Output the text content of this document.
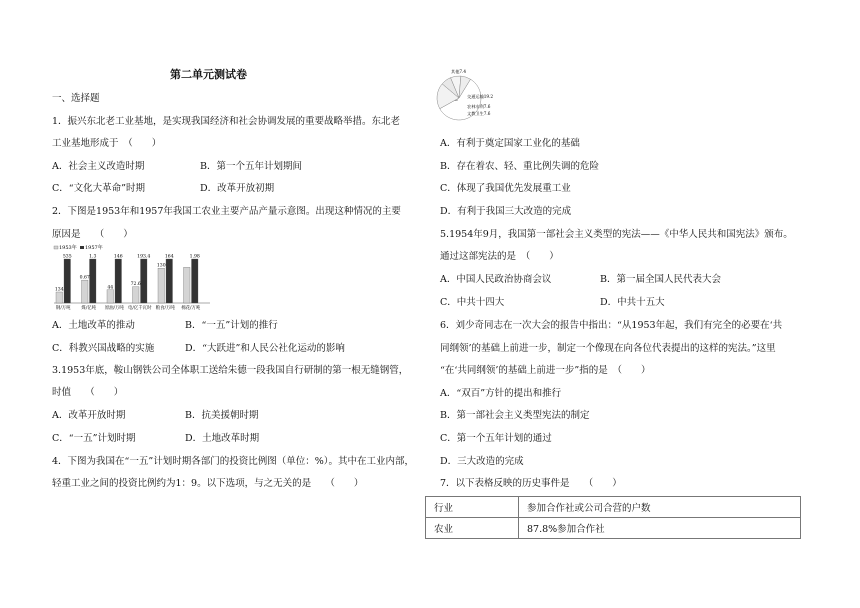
第二单元测试卷
一、选择题
1．振兴东北老工业基地，是实现我国经济和社会协调发展的重要战略举措。东北老
工业基地形成于　（　　）
A．社会主义改造时期	B．第一个五年计划期间
C．“文化大革命”时期	D．改革开放初期
2．下图是1953年和1957年我国工农业主要产品产量示意图。出现这种情况的主要
原因是　　（　　）
1953年 1957年
134
535
钢/万吨
0.67
1.3
煤/亿吨
44
146
原油/万吨
72.6
193.4
电/亿千瓦时
130
164
粮食/万吨
1.98
棉花/万吨
A．土地改革的推动	B．“一五”计划的推行
C．科教兴国战略的实施	D．“大跃进”和人民公社化运动的影响
3.1953年底，鞍山钢铁公司全体职工送给朱德一段我国自行研制的第一根无缝钢管，
时值　　（　　）
A．改革开放时期	B．抗美援朝时期
C．“一五”计划时期	D．土地改革时期
4．下图为我国在“一五”计划时期各部门的投资比例图（单位：%）。其中在工业内部，
轻重工业之间的投资比例约为1：9。以下选项，与之无关的是　　（　　）
交通运输19.2
农林水利7.6
文教卫生7.6
其他7.4
A．有利于奠定国家工业化的基础
B．存在着农、轻、重比例失调的危险
C．体现了我国优先发展重工业
D．有利于我国三大改造的完成
5.1954年9月，我国第一部社会主义类型的宪法——《中华人民共和国宪法》颁布。
通过这部宪法的是　（　　）
A．中国人民政治协商会议	B．第一届全国人民代表大会
C．中共十四大	D．中共十五大
6．刘少奇同志在一次大会的报告中指出：“从1953年起，我们有完全的必要在‘共
同纲领’的基础上前进一步，制定一个像现在向各位代表提出的这样的宪法。”这里
“在‘共同纲领’的基础上前进一步”指的是　（　　）
A．“双百”方针的提出和推行
B．第一部社会主义类型宪法的制定
C．第一个五年计划的通过
D．三大改造的完成
7．以下表格反映的历史事件是　　（　　）
行业	参加合作社或公司合营的户数
农业	87.8%参加合作社
